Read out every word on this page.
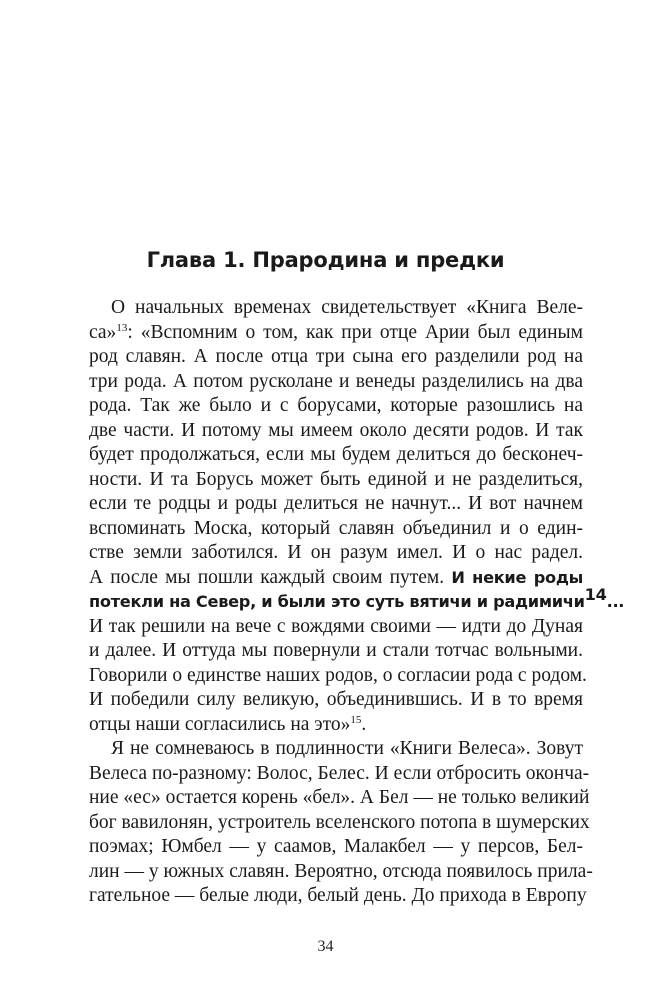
Глава 1. Прародина и предки
О начальных временах свидетельствует «Книга Веле-
са»$^{13}$: «Вспомним о том, как при отце Арии был единым
род славян. А после отца три сына его разделили род на
три рода. А потом русколане и венеды разделились на два
рода. Так же было и с борусами, которые разошлись на
две части. И потому мы имеем около десяти родов. И так
будет продолжаться, если мы будем делиться до бесконеч-
ности. И та Борусь может быть единой и не разделиться,
если те родцы и роды делиться не начнут... И вот начнем
вспоминать Моска, который славян объединил и о един-
стве земли заботился. И он разум имел. И о нас радел.
А после мы пошли каждый своим путем. И некие роды
потекли на Север, и были это суть вятичи и радимичи$^{14}$...
И так решили на вече с вождями своими — идти до Дуная
и далее. И оттуда мы повернули и стали тотчас вольными.
Говорили о единстве наших родов, о согласии рода с родом.
И победили силу великую, объединившись. И в то время
отцы наши согласились на это»$^{15}$.
Я не сомневаюсь в подлинности «Книги Велеса». Зовут
Велеса по-разному: Волос, Белес. И если отбросить оконча-
ние «ес» остается корень «бел». А Бел — не только великий
бог вавилонян, устроитель вселенского потопа в шумерских
поэмах; Юмбел — у саамов, Малакбел — у персов, Бел-
лин — у южных славян. Вероятно, отсюда появилось прила-
гательное — белые люди, белый день. До прихода в Европу
34
